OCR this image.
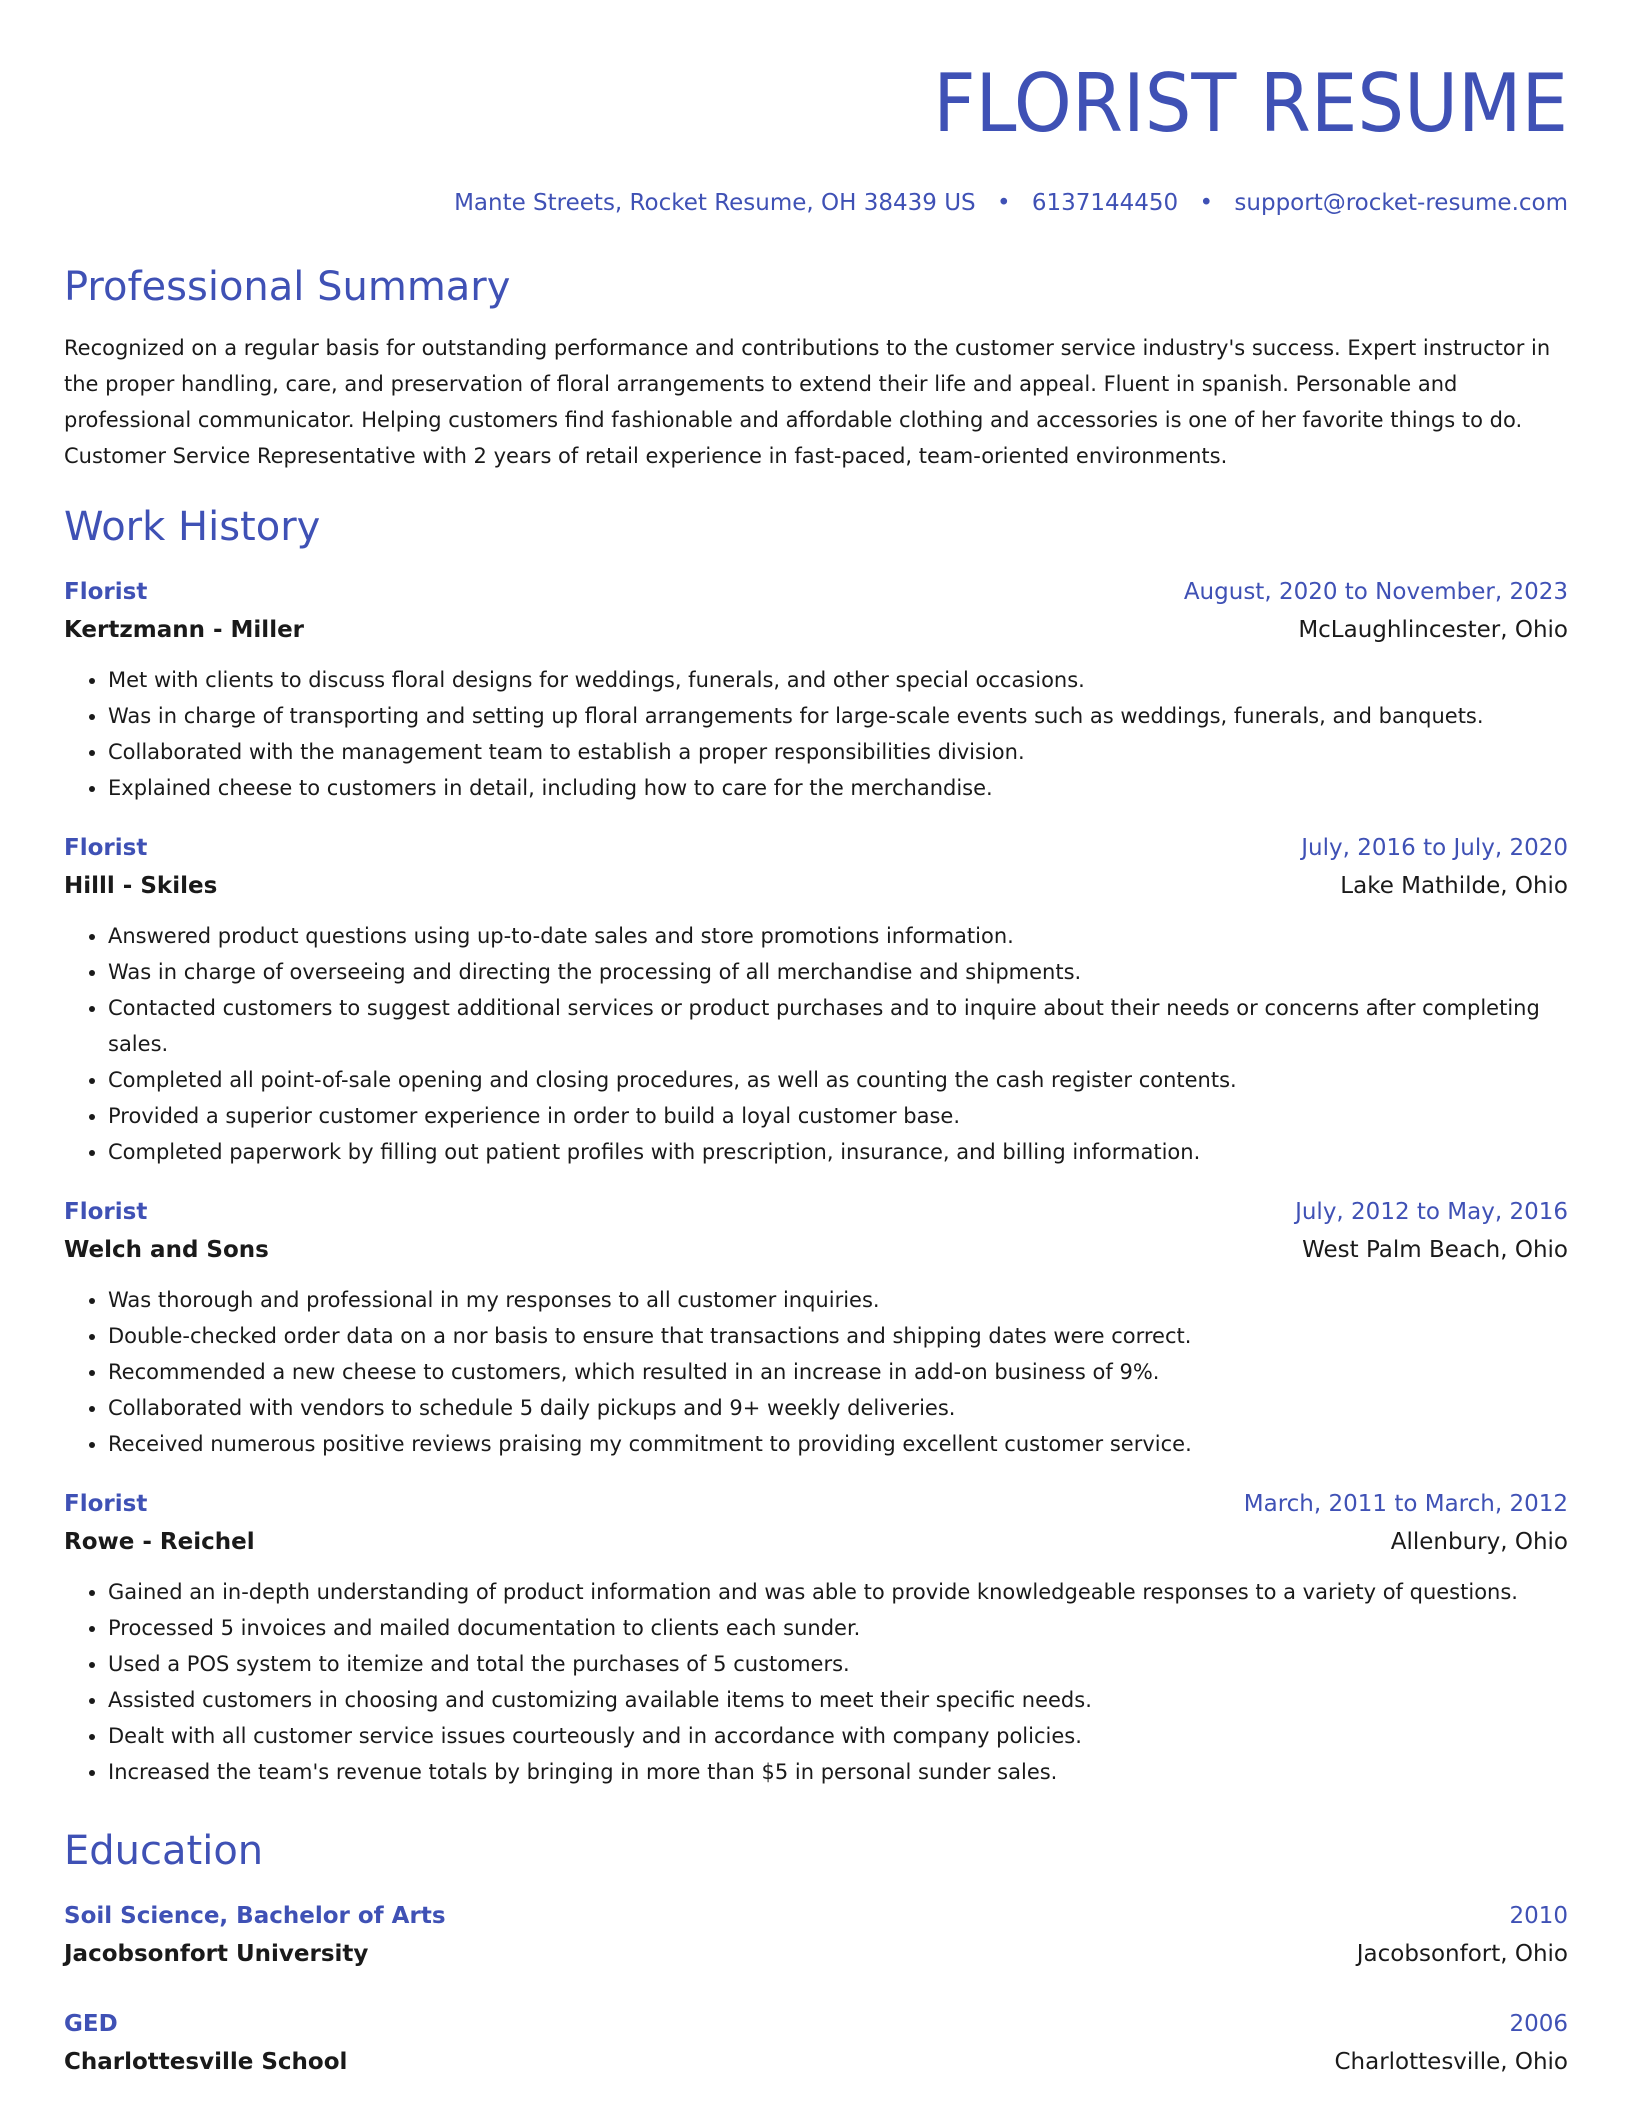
FLORIST RESUME
Mante Streets, Rocket Resume, OH 38439 US • 6137144450 • support@rocket-resume.com
Professional Summary

Recognized on a regular basis for outstanding performance and contributions to the customer service industry's success. Expert instructor in the proper handling, care, and preservation of floral arrangements to extend their life and appeal. Fluent in spanish. Personable and professional communicator. Helping customers find fashionable and affordable clothing and accessories is one of her favorite things to do. Customer Service Representative with 2 years of retail experience in fast-paced, team-oriented environments.

Work History
Florist	August, 2020 to November, 2023
Kertzmann - Miller	McLaughlincester, Ohio
• Met with clients to discuss floral designs for weddings, funerals, and other special occasions.
• Was in charge of transporting and setting up floral arrangements for large-scale events such as weddings, funerals, and banquets.
• Collaborated with the management team to establish a proper responsibilities division.
• Explained cheese to customers in detail, including how to care for the merchandise.
Florist	July, 2016 to July, 2020
Hilll - Skiles	Lake Mathilde, Ohio
• Answered product questions using up-to-date sales and store promotions information.
• Was in charge of overseeing and directing the processing of all merchandise and shipments.
• Contacted customers to suggest additional services or product purchases and to inquire about their needs or concerns after completing sales.
• Completed all point-of-sale opening and closing procedures, as well as counting the cash register contents.
• Provided a superior customer experience in order to build a loyal customer base.
• Completed paperwork by filling out patient profiles with prescription, insurance, and billing information.
Florist	July, 2012 to May, 2016
Welch and Sons	West Palm Beach, Ohio
• Was thorough and professional in my responses to all customer inquiries.
• Double-checked order data on a nor basis to ensure that transactions and shipping dates were correct.
• Recommended a new cheese to customers, which resulted in an increase in add-on business of 9%.
• Collaborated with vendors to schedule 5 daily pickups and 9+ weekly deliveries.
• Received numerous positive reviews praising my commitment to providing excellent customer service.
Florist	March, 2011 to March, 2012
Rowe - Reichel	Allenbury, Ohio
• Gained an in-depth understanding of product information and was able to provide knowledgeable responses to a variety of questions.
• Processed 5 invoices and mailed documentation to clients each sunder.
• Used a POS system to itemize and total the purchases of 5 customers.
• Assisted customers in choosing and customizing available items to meet their specific needs.
• Dealt with all customer service issues courteously and in accordance with company policies.
• Increased the team's revenue totals by bringing in more than $5 in personal sunder sales.
Education
Soil Science, Bachelor of Arts	2010
Jacobsonfort University	Jacobsonfort, Ohio
GED	2006
Charlottesville School	Charlottesville, Ohio
